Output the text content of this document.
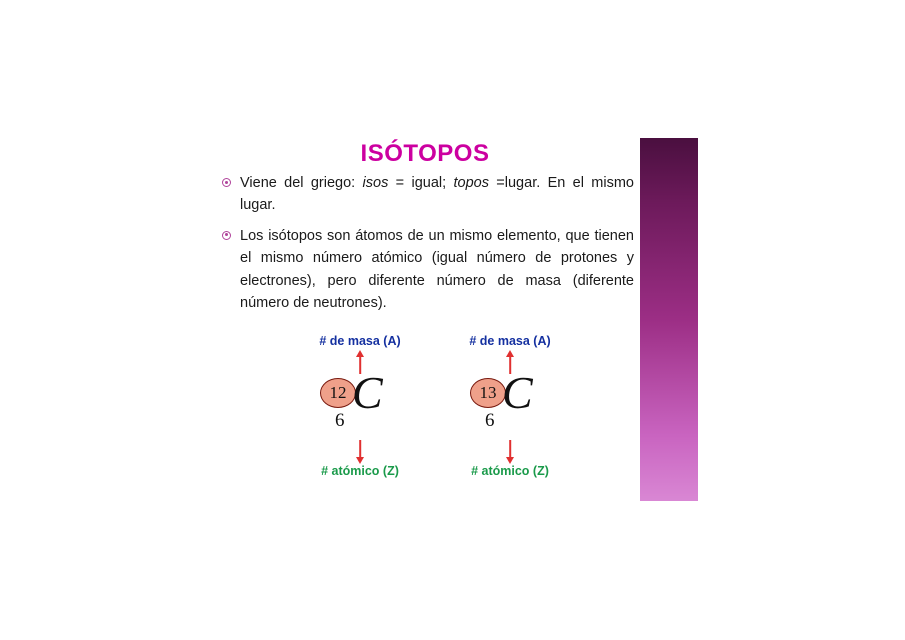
ISÓTOPOS
Viene del griego: isos = igual; topos =lugar. En el mismo lugar.
Los isótopos son átomos de un mismo elemento, que tienen el mismo número atómico (igual número de protones y electrones), pero diferente número de masa (diferente número de neutrones).
# de masa (A)
12 C
6
# atómico (Z)
# de masa (A)
13 C
6
# atómico (Z)
